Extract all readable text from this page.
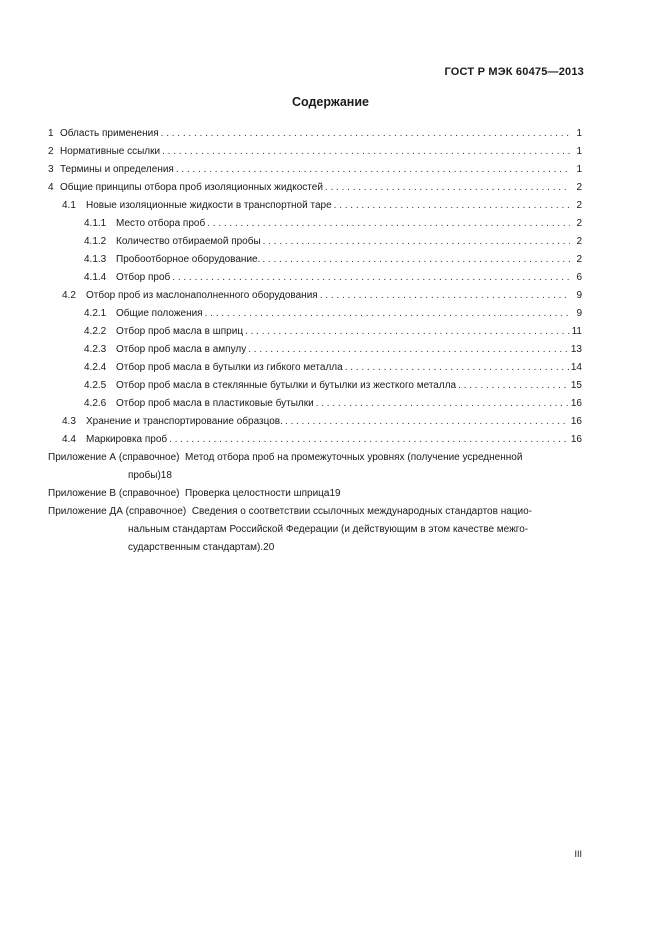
ГОСТ Р МЭК 60475—2013
Содержание
1 Область применения . . .	1
2 Нормативные ссылки . . .	1
3 Термины и определения . . .	1
4 Общие принципы отбора проб изоляционных жидкостей . . .	2
4.1 Новые изоляционные жидкости в транспортной таре . . .	2
4.1.1 Место отбора проб . . .	2
4.1.2 Количество отбираемой пробы . . .	2
4.1.3 Пробоотборное оборудование. . . .	2
4.1.4 Отбор проб . . .	6
4.2 Отбор проб из маслонаполненного оборудования . . .	9
4.2.1 Общие положения . . .	9
4.2.2 Отбор проб масла в шприц . . .	11
4.2.3 Отбор проб масла в ампулу . . .	13
4.2.4 Отбор проб масла в бутылки из гибкого металла . . .	14
4.2.5 Отбор проб масла в стеклянные бутылки и бутылки из жесткого металла . . .	15
4.2.6 Отбор проб масла в пластиковые бутылки . . .	16
4.3 Хранение и транспортирование образцов. . . .	16
4.4 Маркировка проб . . .	16
Приложение А (справочное)
Метод отбора проб на промежуточных уровнях (получение усредненной
пробы) 18
Приложение В (справочное)
Проверка целостности шприца 19
Приложение ДА (справочное)
Сведения о соответствии ссылочных международных стандартов нацио-
нальным стандартам Российской Федерации (и действующим в этом качестве межго-
сударственным стандартам). 20
III
